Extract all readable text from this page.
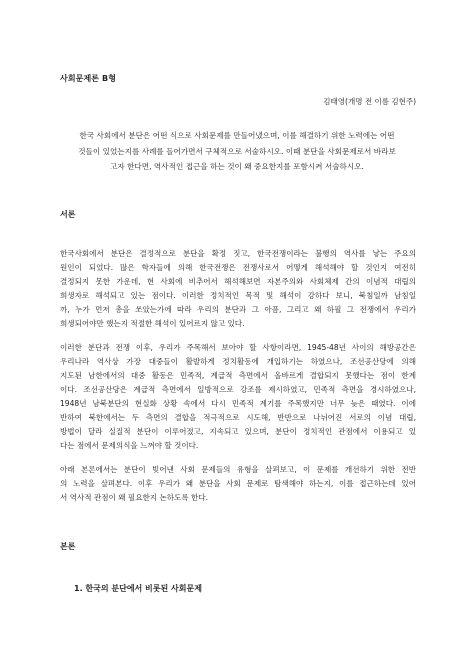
사회문제론 B형
김태영(개명 전 이름 김현주)
한국 사회에서 분단은 어떤 식으로 사회문제를 만들어냈으며, 이를 해결하기 위한 노력에는 어떤
것들이 있었는지를 사례를 들어가면서 구체적으로 서술하시오. 이때 분단을 사회문제로서 바라보
고자 한다면, 역사적인 접근을 하는 것이 왜 중요한지를 포함시켜 서술하시오.
서론
한국사회에서 분단은 결정적으로 분단을 확정 짓고, 한국전쟁이라는 불행의 역사를 낳는 주요의
원인이 되었다. 많은 학자들에 의해 한국전쟁은 전쟁사로서 어떻게 해석해야 할 것인지 여전히
결정되지 못한 가운데, 현 사회에 비추어서 해석해보면 자본주의와 사회체제 간의 이념적 대립의
희생자로 해석되고 있는 점이다. 이러한 정치적인 목적 및 해석이 강하다 보니, 북침일까 남침일
까, 누가 먼저 총을 쏘았는가에 따라 우리의 분단과 그 아픔, 그리고 왜 하필 그 전쟁에서 우리가
희생되어야만 했는지 적절한 해석이 있어르지 않고 있다.
이러한 분단과 전쟁 이후, 우리가 주목해서 보아야 할 사항이라면, 1945-48년 사이의 해방공간은
우리나라 역사상 가장 대중들이 활발하게 정치활동에 개입하기는 하였으나, 조선공산당에 의해
지도된 남한에서의 대중 활동은 민족적, 계급적 측면에서 올바르게 결합되지 못했다는 점이 한계
이다. 조선공산당은 계급적 측면에서 일방적으로 강조를 제시하였고, 민족적 측면을 경시하였으나,
1948년 남북분단의 현실화 상황 속에서 다시 민족적 계기를 주목했지만 너무 늦은 때였다. 이에
반하여 북한에서는 두 측면의 결합을 적극적으로 시도해, 반반으로 나뉘어진 서로의 이념 대립,
방법이 달라 실질적 분단이 이루어졌고, 지속되고 있으며, 분단이 정치적인 관점에서 이용되고 있
다는 점에서 문제의식을 느껴야 할 것이다.
아래 본론에서는 분단이 빚어낸 사회 문제들의 유형을 살펴보고, 이 문제를 개선하기 위한 전반
의 노력을 살펴본다. 이후 우리가 왜 분단을 사회 문제로 탐색해야 하는지, 이를 접근하는데 있어
서 역사적 관점이 왜 필요한지 논하도록 한다.
본론
1. 한국의 분단에서 비롯된 사회문제
